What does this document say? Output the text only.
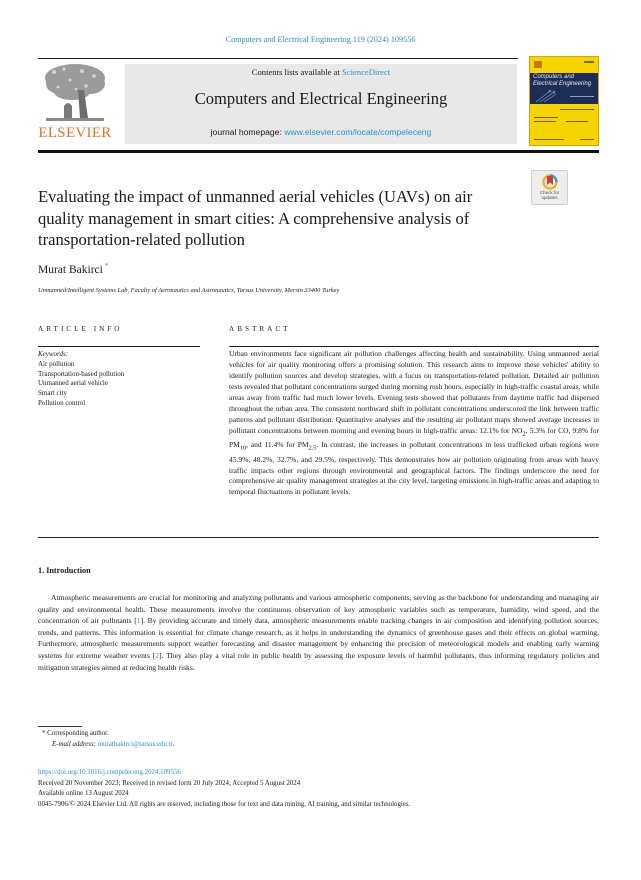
Computers and Electrical Engineering 119 (2024) 109556
ELSEVIER
Contents lists available at ScienceDirect
Computers and Electrical Engineering
journal homepage: www.elsevier.com/locate/compeleceng
Computers and Electrical Engineering
Evaluating the impact of unmanned aerial vehicles (UAVs) on air quality management in smart cities: A comprehensive analysis of transportation-related pollution
Check for updates
Murat Bakirci *
Unmanned/Intelligent Systems Lab, Faculty of Aeronautics and Astronautics, Tarsus University, Mersin 33400 Turkey
ARTICLE INFO	ABSTRACT
Keywords:
Air pollution
Transportation-based pollution
Unmanned aerial vehicle
Smart city
Pollution control
Urban environments face significant air pollution challenges affecting health and sustainability. Using unmanned aerial vehicles for air quality monitoring offers a promising solution. This research aims to improve these vehicles' ability to identify pollution sources and develop strategies, with a focus on transportation-related pollution. Detailed air pollution tests revealed that pollutant concentrations surged during morning rush hours, especially in high-traffic coastal areas, while areas away from traffic had much lower levels. Evening tests showed that pollutants from daytime traffic had dispersed throughout the urban area. The consistent northward shift in pollutant concentrations underscored the link between traffic patterns and pollutant distribution. Quantitative analyses and the resulting air pollutant maps showed average increases in pollutant concentrations between morning and evening hours in high-traffic areas: 12.1% for $NO_2$, 5.3% for CO, 9.8% for $PM_{10}$, and 11.4% for $PM_{2.5}$. In contrast, the increases in pollutant concentrations in less trafficked urban regions were 45.9%, 48.2%, 32.7%, and 29.5%, respectively. This demonstrates how air pollution originating from areas with heavy traffic impacts other regions through environmental and geographical factors. The findings underscore the need for comprehensive air quality management strategies at the city level, targeting emissions in high-traffic areas and adapting to temporal fluctuations in pollutant levels.
1. Introduction
Atmospheric measurements are crucial for monitoring and analyzing pollutants and various atmospheric components, serving as the backbone for understanding and managing air quality and environmental health. These measurements involve the continuous observation of key atmospheric variables such as temperature, humidity, wind speed, and the concentration of air pollutants [1]. By providing accurate and timely data, atmospheric measurements enable tracking changes in air composition and identifying pollution sources, trends, and patterns. This information is essential for climate change research, as it helps in understanding the dynamics of greenhouse gases and their effects on global warming. Furthermore, atmospheric measurements support weather forecasting and disaster management by enhancing the precision of meteorological models and enabling early warning systems for extreme weather events [2]. They also play a vital role in public health by assessing the exposure levels of harmful pollutants, thus informing regulatory policies and mitigation strategies aimed at reducing health risks.
* Corresponding author.
E-mail address: muratbakirci@tarsus.edu.tr.
https://doi.org/10.1016/j.compeleceng.2024.109556
Received 20 November 2023; Received in revised form 20 July 2024; Accepted 5 August 2024
Available online 13 August 2024
0045-7906/© 2024 Elsevier Ltd. All rights are reserved, including those for text and data mining, AI training, and similar technologies.
